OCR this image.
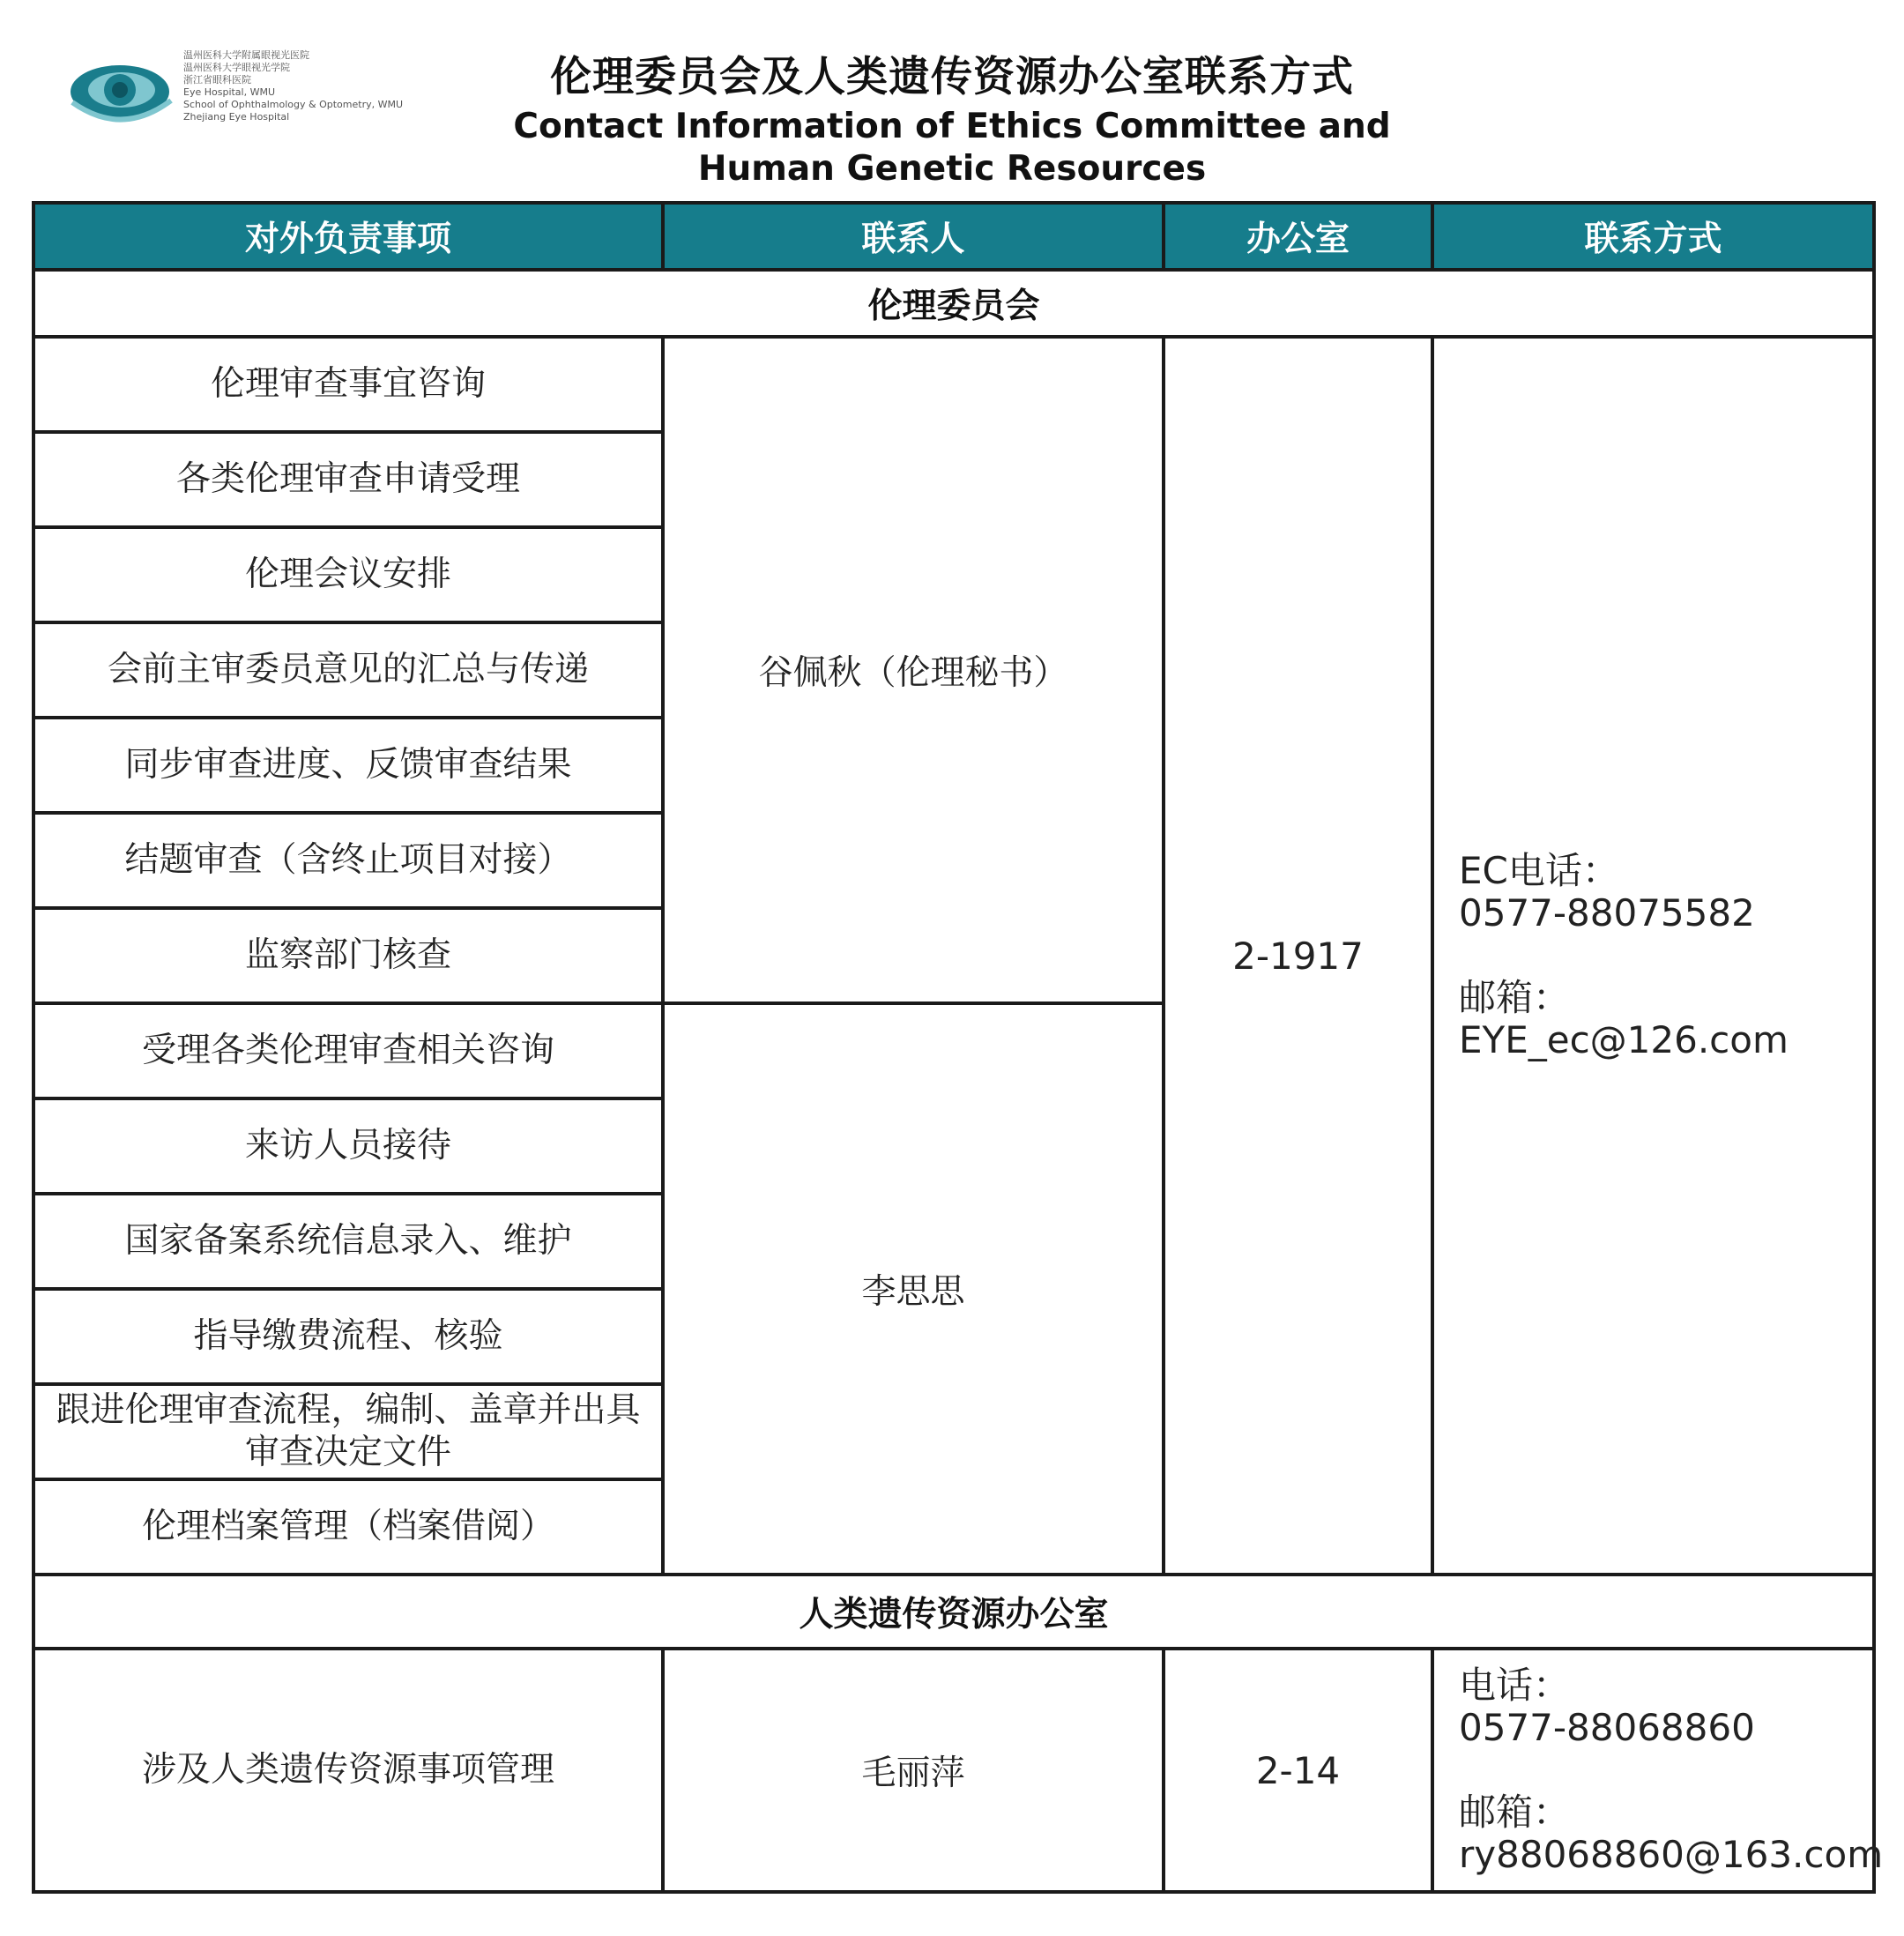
温州医科大学附属眼视光医院
温州医科大学眼视光学院
浙江省眼科医院
Eye Hospital, WMU
School of Ophthalmology & Optometry, WMU
Zhejiang Eye Hospital
伦理委员会及人类遗传资源办公室联系方式
Contact Information of Ethics Committee and
Human Genetic Resources
对外负责事项	联系人	办公室	联系方式
伦理委员会			
伦理审查事宜咨询	谷佩秋（伦理秘书）	2-1917	EC电话：
0577-88075582
邮箱：
EYE_ec@126.com

各类伦理审查申请受理			
伦理会议安排			
会前主审委员意见的汇总与传递			
同步审查进度、反馈审查结果			
结题审查（含终止项目对接）			
监察部门核查			
受理各类伦理审查相关咨询	李思思		
来访人员接待			
国家备案系统信息录入、维护			
指导缴费流程、核验			
跟进伦理审查流程，编制、盖章并出具审查决定文件			
伦理档案管理（档案借阅）			
人类遗传资源办公室			
涉及人类遗传资源事项管理	毛丽萍	2-14	电话：
0577-88068860
邮箱：
ry88068860@163.com
